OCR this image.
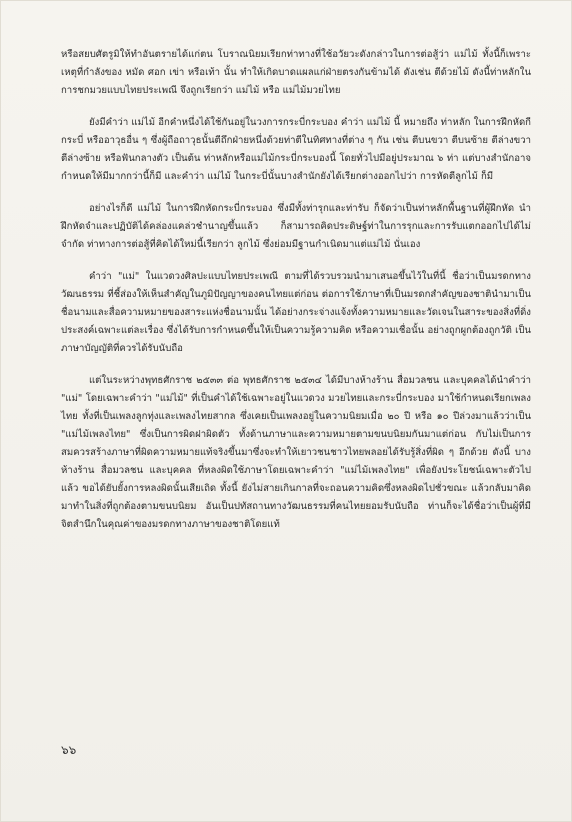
หรือสยบศัตรูมิให้ทำอันตรายได้แก่ตน โบราณนิยมเรียกท่าทางที่ใช้อวัยวะดังกล่าวในการต่อสู้ว่า แม่ไม้ ทั้งนี้ก็เพราะเหตุที่กำลังของ หมัด ศอก เข่า หรือเท้า นั้น ทำให้เกิดบาดแผลแก่ฝ่ายตรงกันข้ามได้ ดังเช่น ตีด้วยไม้ ดังนี้ท่าหลักในการชกมวยแบบไทยประเพณี จึงถูกเรียกว่า แม่ไม้ หรือ แม่ไม้มวยไทย

ยังมีคำว่า แม่ไม้ อีกคำหนึ่งได้ใช้กันอยู่ในวงการกระบี่กระบอง คำว่า แม่ไม้ นี้ หมายถึง ท่าหลัก ในการฝึกหัดกีกระบี่ หรืออาวุธอื่น ๆ ซึ่งผู้ถือถาวุธนั้นตีถึกฝ่ายหนึ่งด้วยท่าตีในทิศทางที่ต่าง ๆ กัน เช่น ตีบนขวา ตีบนซ้าย ตีล่างขวา ตีล่างซ้าย หรือฟันกลางตัว เป็นต้น ท่าหลักหรือแม่ไม้กระบี่กระบองนี้ โดยทั่วไปมีอยู่ประมาณ ๖ ท่า แต่บางสำนักอาจกำหนดให้มีมากกว่านี้ก็มี และคำว่า แม่ไม้ ในกระบี่นั้นบางสำนักยังได้เรียกต่างออกไปว่า การหัดตีลูกไม้ ก็มี

อย่างไรก็ดี แม่ไม้ ในการฝึกหัดกระบี่กระบอง ซึ่งมีทั้งท่ารุกและท่ารับ ก็จัดว่าเป็นท่าหลักพื้นฐานที่ผู้ฝึกหัด นำฝึกหัดจำและปฏิบัติได้คล่องแคล่วชำนาญขึ้นแล้ว ก็สามารถคิดประดิษฐ์ท่าในการรุกและการรับแตกออกไปได้ไม่จำกัด ท่าทางการต่อสู้ที่คิดได้ใหม่นี้เรียกว่า ลูกไม้ ซึ่งย่อมมีฐานกำเนิดมาแต่แม่ไม้ นั่นเอง

คำว่า "แม่" ในแวดวงศิลปะแบบไทยประเพณี ตามที่ได้รวบรวมนำมาเสนอขึ้นไว้ในที่นี้ ชื่อว่าเป็นมรดกทางวัฒนธรรม ที่ชี้ส่องให้เห็นสำคัญในภูมิปัญญาของคนไทยแต่ก่อน ต่อการใช้ภาษาที่เป็นมรดกสำคัญของชาตินำมาเป็นชื่อนามและสื่อความหมายของสาระแห่งชื่อนามนั้น ได้อย่างกระจ่างแจ้งทั้งความหมายและวัดเจนในสาระของสิ่งที่ดิ่งประสงค์เฉพาะแต่ละเรื่อง ซึ่งได้รับการกำหนดขึ้นให้เป็นความรู้ความคิด หรือความเชื่อนั้น อย่างถูกผูกต้องถูกวัติ เป็นภาษาบัญญัติที่ควรได้รับนับถือ

แต่ในระหว่างพุทธศักราช ๒๕๓๓ ต่อ พุทธศักราช ๒๕๓๔ ได้มีบางห้างร้าน สื่อมวลชน และบุคคลได้นำคำว่า "แม่" โดยเฉพาะคำว่า "แม่ไม้" ที่เป็นคำได้ใช้เฉพาะอยู่ในแวดวง มวยไทยและกระบี่กระบอง มาใช้กำหนดเรียกเพลงไทย ทั้งที่เป็นเพลงลูกทุ่งและเพลงไทยสากล ซึ่งเคยเป็นเพลงอยู่ในความนิยมเมื่อ ๒๐ ปี หรือ ๑๐ ปีล่วงมาแล้วว่าเป็น "แม่ไม้เพลงไทย" ซึ่งเป็นการผิดฝาผิดตัว ทั้งด้านภาษาและความหมายตามขนบนิยมกันมาแต่ก่อน กับไม่เป็นการสมควรสร้างภาษาที่ผิดความหมายแท้จริงขึ้นมาซึ่งจะทำให้เยาวชนชาวไทยพลอยได้รับรู้สิ่งที่ผิด ๆ อีกด้วย ดังนี้ บางห้างร้าน สื่อมวลชน และบุคคล ที่หลงผิดใช้ภาษาโดยเฉพาะคำว่า "แม่ไม้เพลงไทย" เพื่อยังประโยชน์เฉพาะตัวไปแล้ว ขอได้ยับยั้งการหลงผิดนั้นเสียเถิด ทั้งนี้ ยังไม่สายเกินกาลที่จะถอนความคิดซึ่งหลงผิดไปชั่วขณะ แล้วกลับมาคิดมาทำในสิ่งที่ถูกต้องตามขนบนิยม อันเป็นปทัสถานทางวัฒนธรรมที่คนไทยยอมรับนับถือ ท่านก็จะได้ชื่อว่าเป็นผู้ที่มีจิตสำนึกในคุณค่าของมรดกทางภาษาของชาติโดยแท้

๖๖
